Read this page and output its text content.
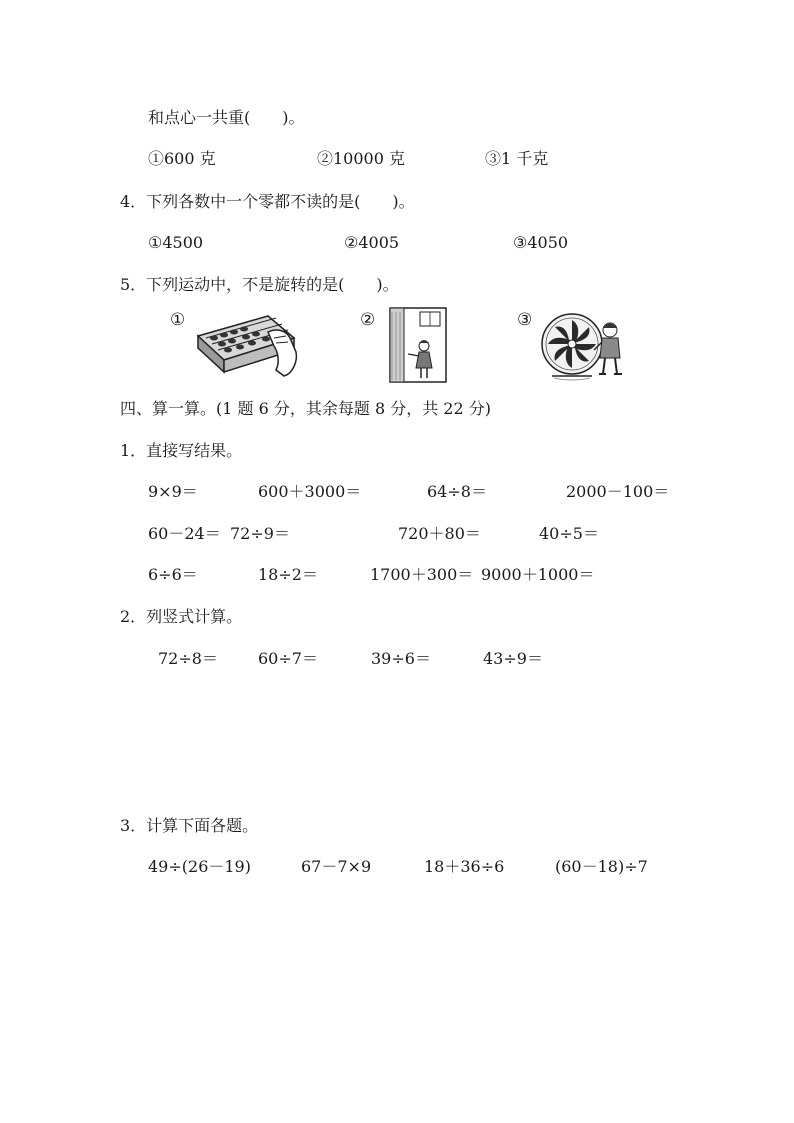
和点心一共重(　　)。
①600 克	②10000 克	③1 千克
4．下列各数中一个零都不读的是(　　)。
①4500	②4005	③4050
5．下列运动中，不是旋转的是(　　)。
①	②	③
四、算一算。(1 题 6 分，其余每题 8 分，共 22 分)
1．直接写结果。
9×9＝	600＋3000＝	64÷8＝	2000－100＝
60－24＝ 72÷9＝	720＋80＝	40÷5＝
6÷6＝	18÷2＝	1700＋300＝ 9000＋1000＝
2．列竖式计算。
72÷8＝	60÷7＝	39÷6＝	43÷9＝
3．计算下面各题。
49÷(26－19)	67－7×9	18＋36÷6	(60－18)÷7
